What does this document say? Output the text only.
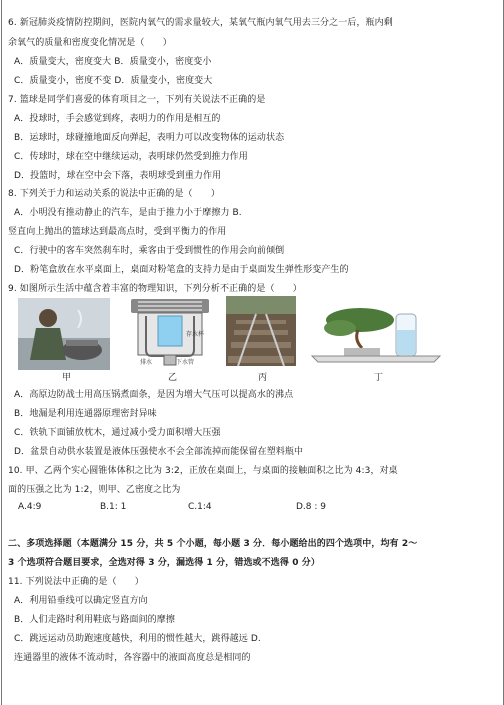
6. 新冠肺炎疫情防控期间，医院内氧气的需求量较大，某氧气瓶内氧气用去三分之一后，瓶内剩
余氧气的质量和密度变化情况是（　　）
A．质量变大，密度变大 B．质量变小，密度变小
C．质量变小，密度不变 D．质量变小，密度变大
7. 篮球是同学们喜爱的体育项目之一，下列有关说法不正确的是
A．投球时，手会感觉到疼，表明力的作用是相互的
B．运球时，球碰撞地面反向弹起，表明力可以改变物体的运动状态
C．传球时，球在空中继续运动，表明球仍然受到推力作用
D．投篮时，球在空中会下落，表明球受到重力作用
8. 下列关于力和运动关系的说法中正确的是（　　）
A．小明没有推动静止的汽车，是由于推力小于摩擦力 B.
竖直向上抛出的篮球达到最高点时，受到平衡力的作用
C．行驶中的客车突然刹车时，乘客由于受到惯性的作用会向前倾倒
D．粉笔盒放在水平桌面上，桌面对粉笔盒的支持力是由于桌面发生弹性形变产生的
9. 如图所示生活中蕴含着丰富的物理知识，下列分析不正确的是（　　）
存水杯
排水	下水管
甲	乙	丙	丁
A．高原边防战士用高压锅煮面条，是因为增大气压可以提高水的沸点
B．地漏是利用连通器原理密封异味
C．铁轨下面铺放枕木，通过减小受力面积增大压强
D．盆景自动供水装置是液体压强使水不会全部流掉而能保留在塑料瓶中
10. 甲、乙两个实心圆锥体体积之比为 3:2，正放在桌面上，与桌面的接触面积之比为 4:3，对桌
面的压强之比为 1:2，则甲、乙密度之比为
A.4:9	B.1: 1	C.1:4	D.8 : 9
二、多项选择题（本题满分 15 分，共 5 个小题，每小题 3 分．每小题给出的四个选项中，均有 2～
3 个选项符合题目要求，全选对得 3 分，漏选得 1 分，错选或不选得 0 分）
11. 下列说法中正确的是（　　）
A．利用铅垂线可以确定竖直方向
B．人们走路时利用鞋底与路面间的摩擦
C．跳远运动员助跑速度越快，利用的惯性越大，跳得越远 D.
连通器里的液体不流动时，各容器中的液面高度总是相同的
